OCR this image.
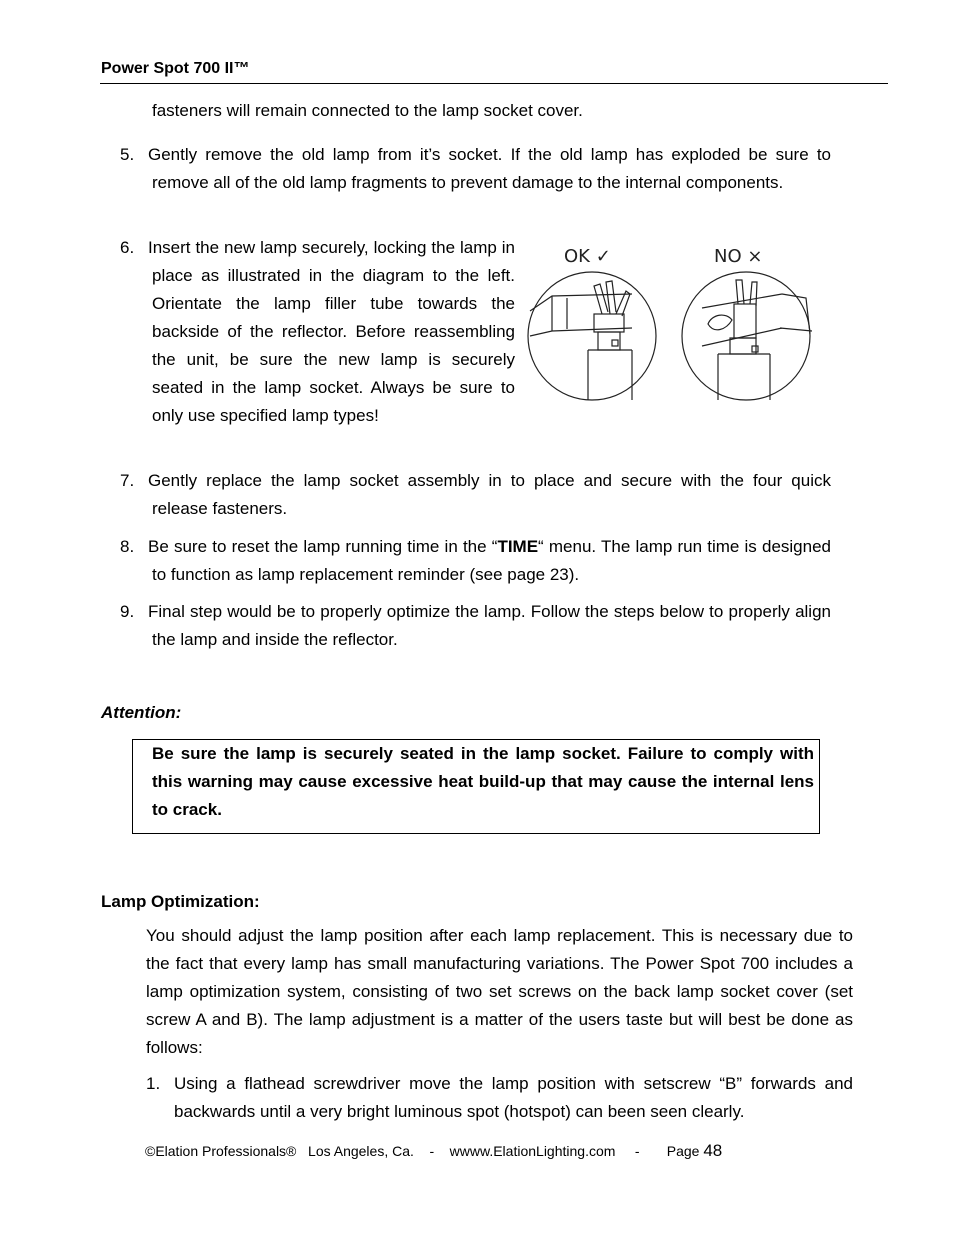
Power Spot 700 II™
fasteners will remain connected to the lamp socket cover.
5. Gently remove the old lamp from it’s socket. If the old lamp has exploded be sure to remove all of the old lamp fragments to prevent damage to the internal components.
6. Insert the new lamp securely, locking the lamp in place as illustrated in the diagram to the left. Orientate the lamp filler tube towards the backside of the reflector. Before reassembling the unit, be sure the new lamp is securely seated in the lamp socket. Always be sure to only use specified lamp types!
OK ✓	NO ×
7. Gently replace the lamp socket assembly in to place and secure with the four quick release fasteners.
8. Be sure to reset the lamp running time in the “TIME“ menu. The lamp run time is designed to function as lamp replacement reminder (see page 23).
9. Final step would be to properly optimize the lamp. Follow the steps below to properly align the lamp and inside the reflector.
Attention:
Be sure the lamp is securely seated in the lamp socket. Failure to comply with this warning may cause excessive heat build-up that may cause the internal lens to crack.
Lamp Optimization:
You should adjust the lamp position after each lamp replacement. This is necessary due to the fact that every lamp has small manufacturing variations. The Power Spot 700 includes a lamp optimization system, consisting of two set screws on the back lamp socket cover (set screw A and B). The lamp adjustment is a matter of the users taste but will best be done as follows:
1. Using a flathead screwdriver move the lamp position with setscrew “B” forwards and backwards until a very bright luminous spot (hotspot) can been seen clearly.
©Elation Professionals®   Los Angeles, Ca.    -    wwww.ElationLighting.com     -       Page 48
